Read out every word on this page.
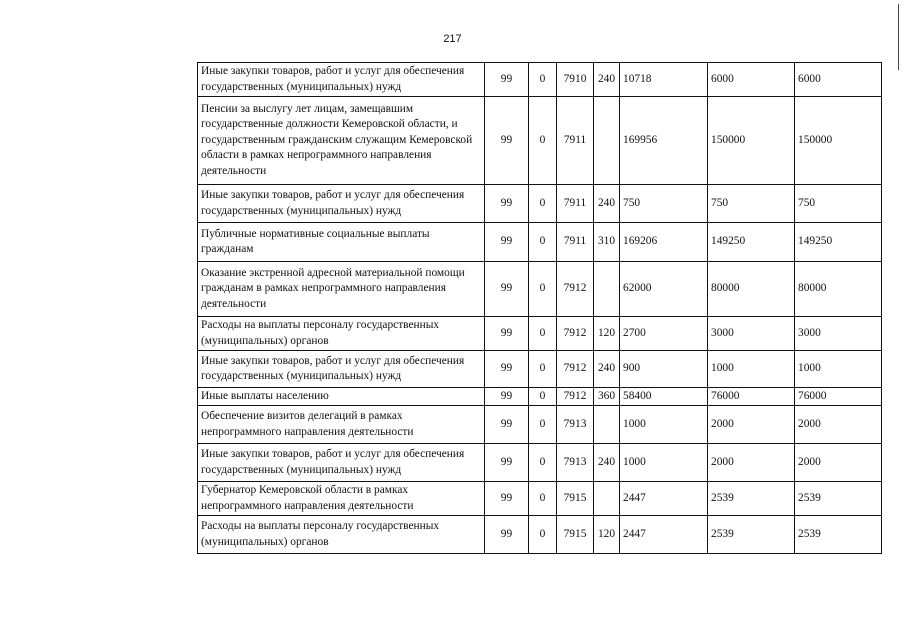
217
Иные закупки товаров, работ и услуг для обеспечения государственных (муниципальных) нужд	99	0	7910	240	10718	6000	6000
Пенсии за выслугу лет лицам, замещавшим государственные должности Кемеровской области, и государственным гражданским служащим Кемеровской области в рамках непрограммного направления деятельности	99	0	7911		169956	150000	150000
Иные закупки товаров, работ и услуг для обеспечения государственных (муниципальных) нужд	99	0	7911	240	750	750	750
Публичные нормативные социальные выплаты гражданам	99	0	7911	310	169206	149250	149250
Оказание экстренной адресной материальной помощи гражданам в рамках непрограммного направления деятельности	99	0	7912		62000	80000	80000
Расходы на выплаты персоналу государственных (муниципальных) органов	99	0	7912	120	2700	3000	3000
Иные закупки товаров, работ и услуг для обеспечения государственных (муниципальных) нужд	99	0	7912	240	900	1000	1000
Иные выплаты населению	99	0	7912	360	58400	76000	76000
Обеспечение визитов делегаций в рамках непрограммного направления деятельности	99	0	7913		1000	2000	2000
Иные закупки товаров, работ и услуг для обеспечения государственных (муниципальных) нужд	99	0	7913	240	1000	2000	2000
Губернатор Кемеровской области в рамках непрограммного направления деятельности	99	0	7915		2447	2539	2539
Расходы на выплаты персоналу государственных (муниципальных) органов	99	0	7915	120	2447	2539	2539
